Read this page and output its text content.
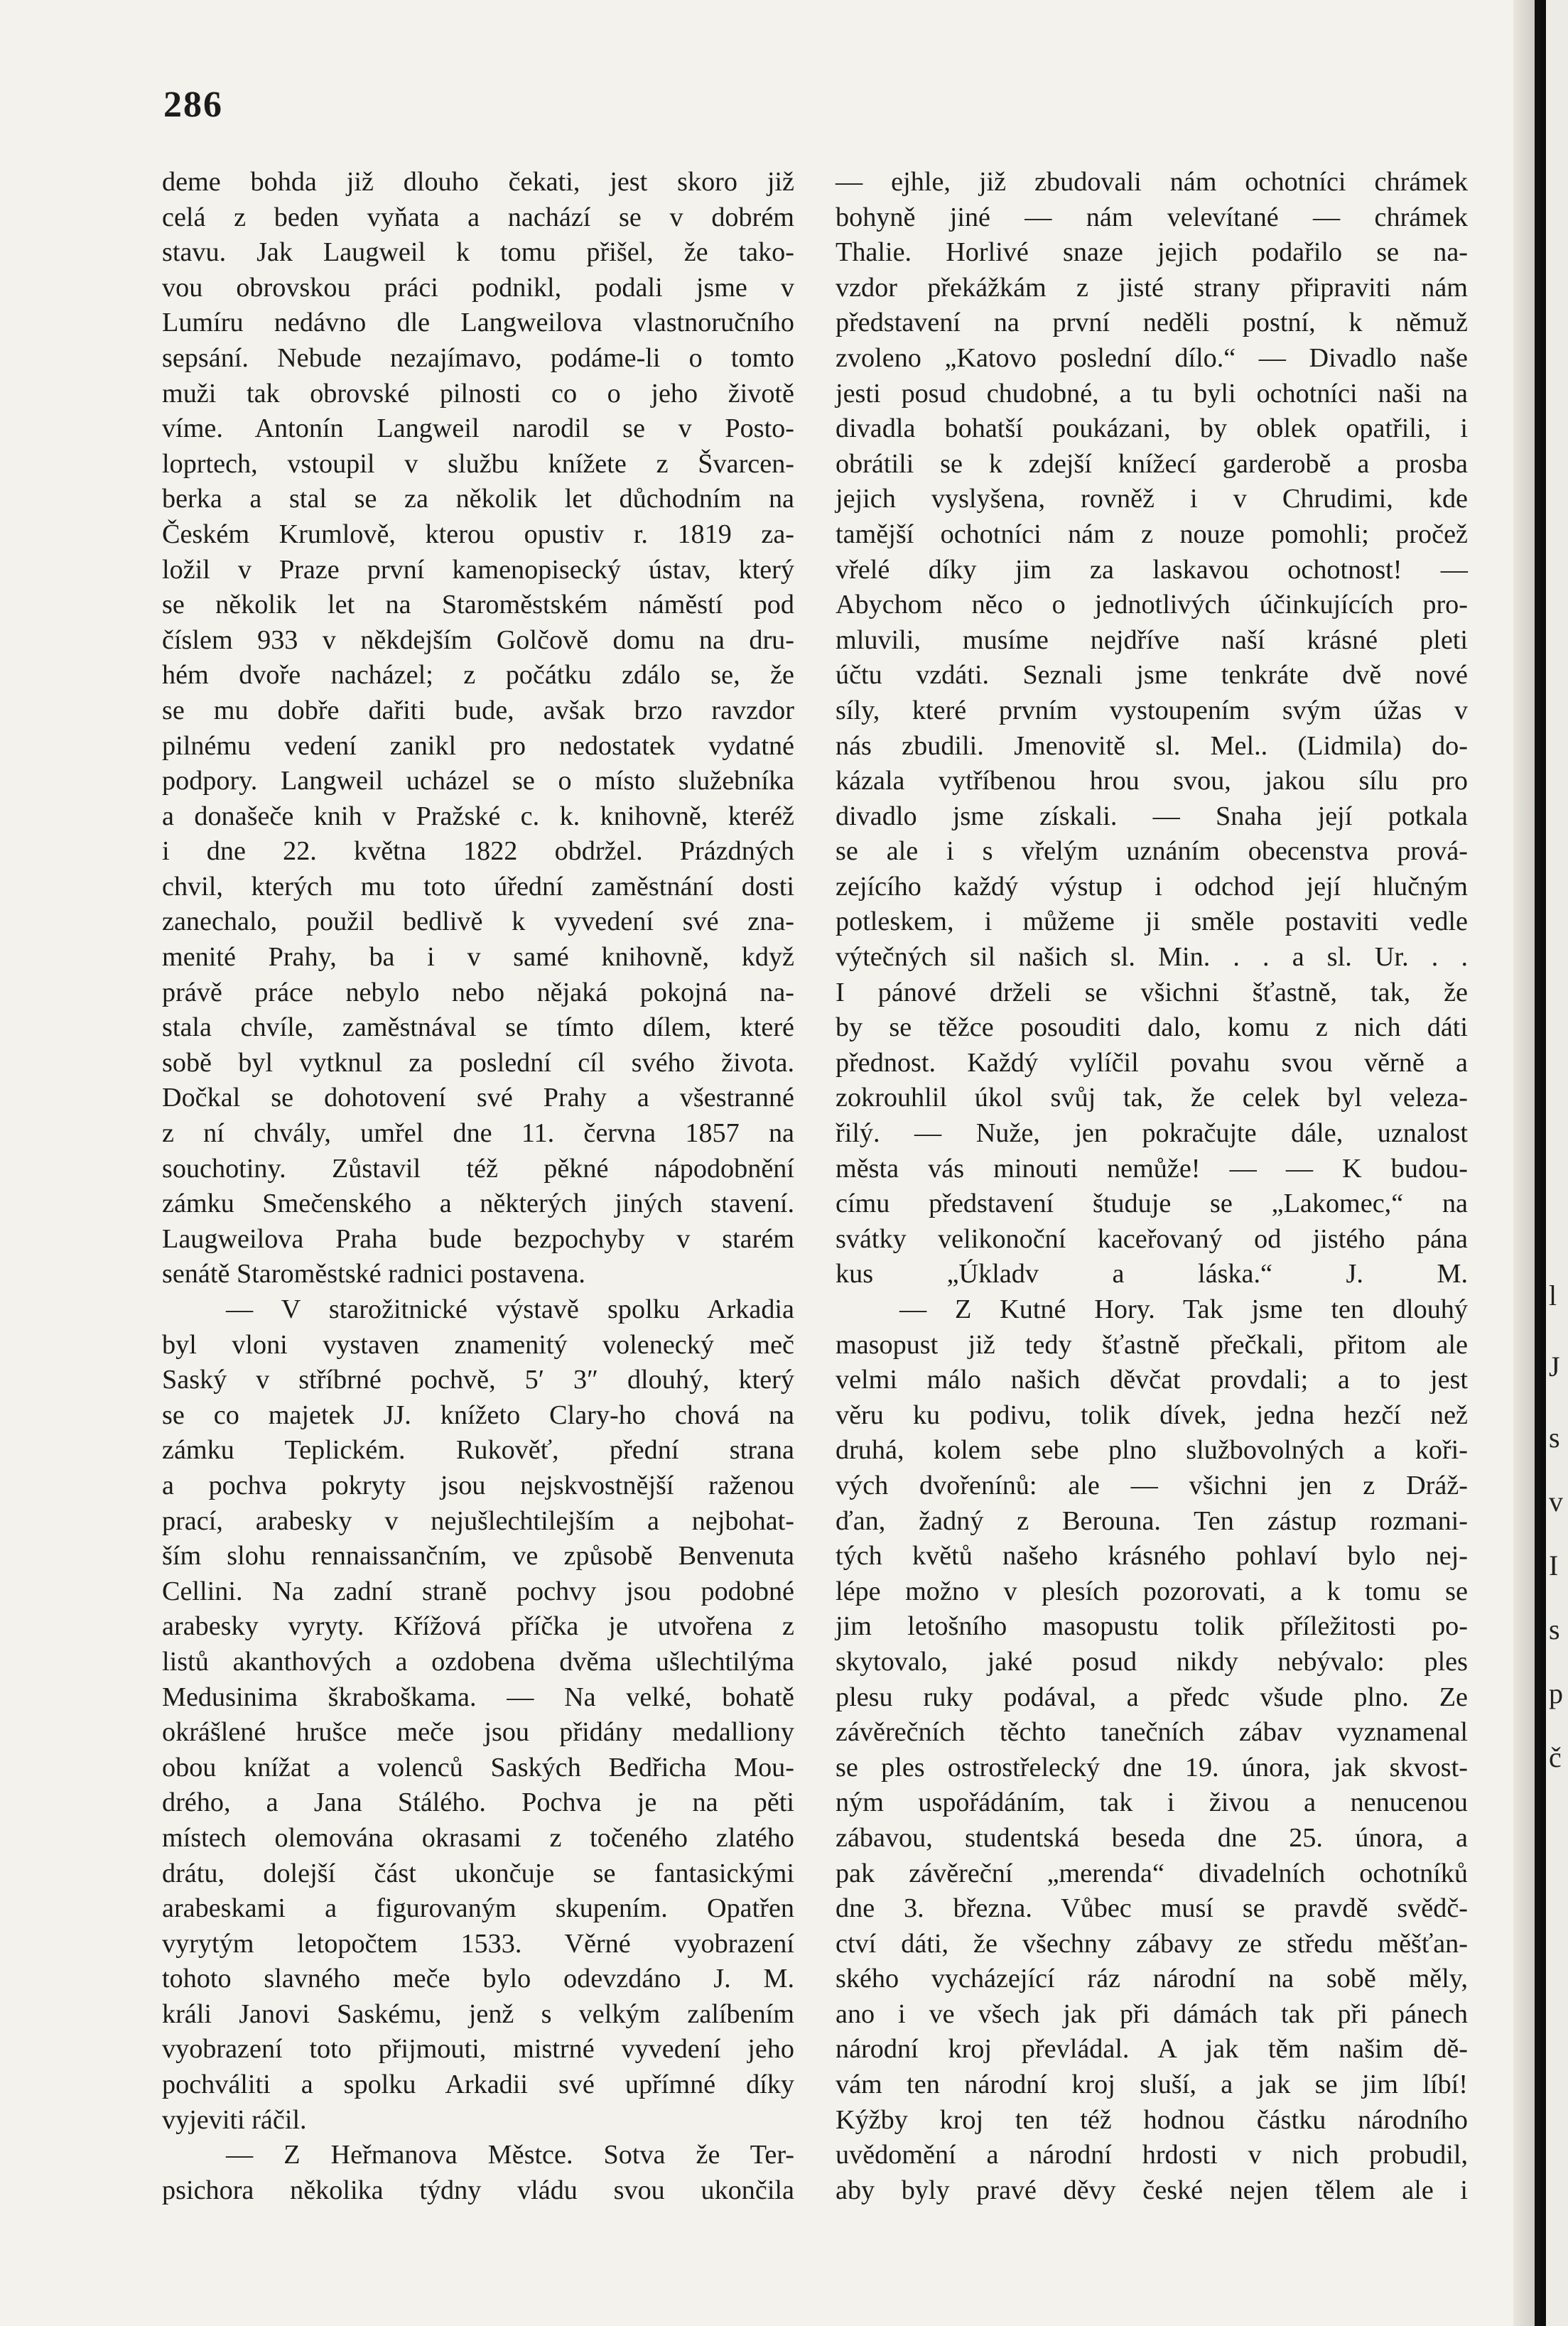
286
deme bohda již dlouho čekati, jest skoro již
celá z beden vyňata a nachází se v dobrém
stavu. Jak Laugweil k tomu přišel, že tako-
vou obrovskou práci podnikl, podali jsme v
Lumíru nedávno dle Langweilova vlastnoručního
sepsání. Nebude nezajímavo, podáme-li o tomto
muži tak obrovské pilnosti co o jeho životě
víme. Antonín Langweil narodil se v Postо-
loprtech, vstoupil v službu knížete z Švarcen-
berka a stal se za několik let důchodním na
Českém Krumlově, kterou opustiv r. 1819 za-
ložil v Praze první kamenopisecký ústav, který
se několik let na Staroměstském náměstí pod
číslem 933 v někdejším Golčově domu na dru-
hém dvoře nacházel; z počátku zdálo se, že
se mu dobře dařiti bude, avšak brzo ravzdor
pilnému vedení zanikl pro nedostatek vydatné
podpory. Langweil ucházel se o místo služebníka
a donašeče knih v Pražské c. k. knihovně, kteréž
i dne 22. května 1822 obdržel. Prázdných
chvil, kterých mu toto úřední zaměstnání dosti
zanechalo, použil bedlivě k vyvedení své zna-
menité Prahy, ba i v samé knihovně, když
právě práce nebylo nebo nějaká pokojná na-
stala chvíle, zaměstnával se tímto dílem, které
sobě byl vytknul za poslední cíl svého života.
Dočkal se dohotovení své Prahy a všestranné
z ní chvály, umřel dne 11. června 1857 na
souchotiny. Zůstavil též pěkné nápodobnění
zámku Smečenského a některých jiných stavení.
Laugweilova Praha bude bezpochyby v starém
senátě Staroměstské radnici postavena.
— V starožitnické výstavě spolku Arkadia
byl vloni vystaven znamenitý volenecký meč
Saský v stříbrné pochvě, 5′ 3″ dlouhý, který
se co majetek JJ. knížeto Clary-ho chová na
zámku Teplickém. Rukověť, přední strana
a pochva pokryty jsou nejskvostnější raženou
prací, arabesky v nejušlechtilejším a nejbohat-
ším slohu rennaissančním, ve způsobě Benvenuta
Cellini. Na zadní straně pochvy jsou podobné
arabesky vyryty. Křížová příčka je utvořena z
listů akanthových a ozdobena dvěma ušlechtilýma
Medusinima škraboškama. — Na velké, bohatě
okrášlené hrušce meče jsou přidány medalliony
obou knížat a volenců Saských Bedřicha Mou-
drého, a Jana Stálého. Pochva je na pěti
místech olemována okrasami z točeného zlatého
drátu, dolejší část ukončuje se fantasickými
arabeskami a figurovaným skupením. Opatřen
vyrytým letopočtem 1533. Věrné vyobrazení
tohoto slavného meče bylo odevzdáno J. M.
králi Janovi Saskému, jenž s velkým zalíbením
vyobrazení toto přijmouti, mistrné vyvedení jeho
pochváliti a spolku Arkadii své upřímné díky
vyjeviti ráčil.
— Z Heřmanova Městce. Sotva že Ter-
psichora několika týdny vládu svou ukončila
— ejhle, již zbudovali nám ochotníci chrámek
bohyně jiné — nám velevítané — chrámek
Thalie. Horlivé snaze jejich podařilo se na-
vzdor překážkám z jisté strany připraviti nám
představení na první neděli postní, k němuž
zvoleno „Katovo poslední dílo.“ — Divadlo naše
jesti posud chudobné, a tu byli ochotníci naši na
divadla bohatší poukázani, by oblek opatřili, i
obrátili se k zdejší knížecí garderobě a prosba
jejich vyslyšena, rovněž i v Chrudimi, kde
tamější ochotníci nám z nouze pomohli; pročež
vřelé díky jim za laskavou ochotnost! —
Abychom něco o jednotlivých účinkujících pro-
mluvili, musíme nejdříve naší krásné pleti
účtu vzdáti. Seznali jsme tenkráte dvě nové
síly, které prvním vystoupením svým úžas v
nás zbudili. Jmenovitě sl. Mel.. (Lidmila) do-
kázala vytříbenou hrou svou, jakou sílu pro
divadlo jsme získali. — Snaha její potkala
se ale i s vřelým uznáním obecenstva prová-
zejícího každý výstup i odchod její hlučným
potleskem, i můžeme ji směle postaviti vedle
výtečných sil našich sl. Min. . . a sl. Ur. . .
I pánové drželi se všichni šťastně, tak, že
by se těžce posouditi dalo, komu z nich dáti
přednost. Každý vylíčil povahu svou věrně a
zokrouhlil úkol svůj tak, že celek byl veleza-
řilý. — Nuže, jen pokračujte dále, uznalost
města vás minouti nemůže! — — K budou-
címu představení študuje se „Lakomec,“ na
svátky velikonoční kaceřovaný od jistého pána
kus „Úkladv a láska.“ J. M.
— Z Kutné Hory. Tak jsme ten dlouhý
masopust již tedy šťastně přečkali, přitom ale
velmi málo našich děvčat provdali; a to jest
věru ku podivu, tolik dívek, jedna hezčí než
druhá, kolem sebe plno službovolných a kořі-
vých dvořenínů: ale — všichni jen z Dráž-
ďan, žadný z Berouna. Ten zástup rozmani-
tých květů našeho krásného pohlaví bylo nej-
lépe možno v plesích pozorovati, a k tomu se
jim letošního masopustu tolik příležitosti po-
skytovalo, jaké posud nikdy nebývalo: ples
plesu ruky podával, a předc všude plno. Ze
závěrečních těchto tanečních zábav vyznamenal
se ples ostrostřelecký dne 19. února, jak skvost-
ným uspořádáním, tak i živou a nenucenou
zábavou, studentská beseda dne 25. února, a
pak závěreční „merenda“ divadelních ochotníků
dne 3. března. Vůbec musí se pravdě svědč-
ctví dáti, že všechny zábavy ze středu měšťan-
ského vycházející ráz národní na sobě měly,
ano i ve všech jak při dámách tak při pánech
národní kroj převládal. A jak těm našim dě-
vám ten národní kroj sluší, a jak se jim líbí!
Kýžby kroj ten též hodnou částku národního
uvědomění a národní hrdosti v nich probudil,
aby byly pravé děvy české nejen tělem ale i
l
J
s
v
I
s
p
č
